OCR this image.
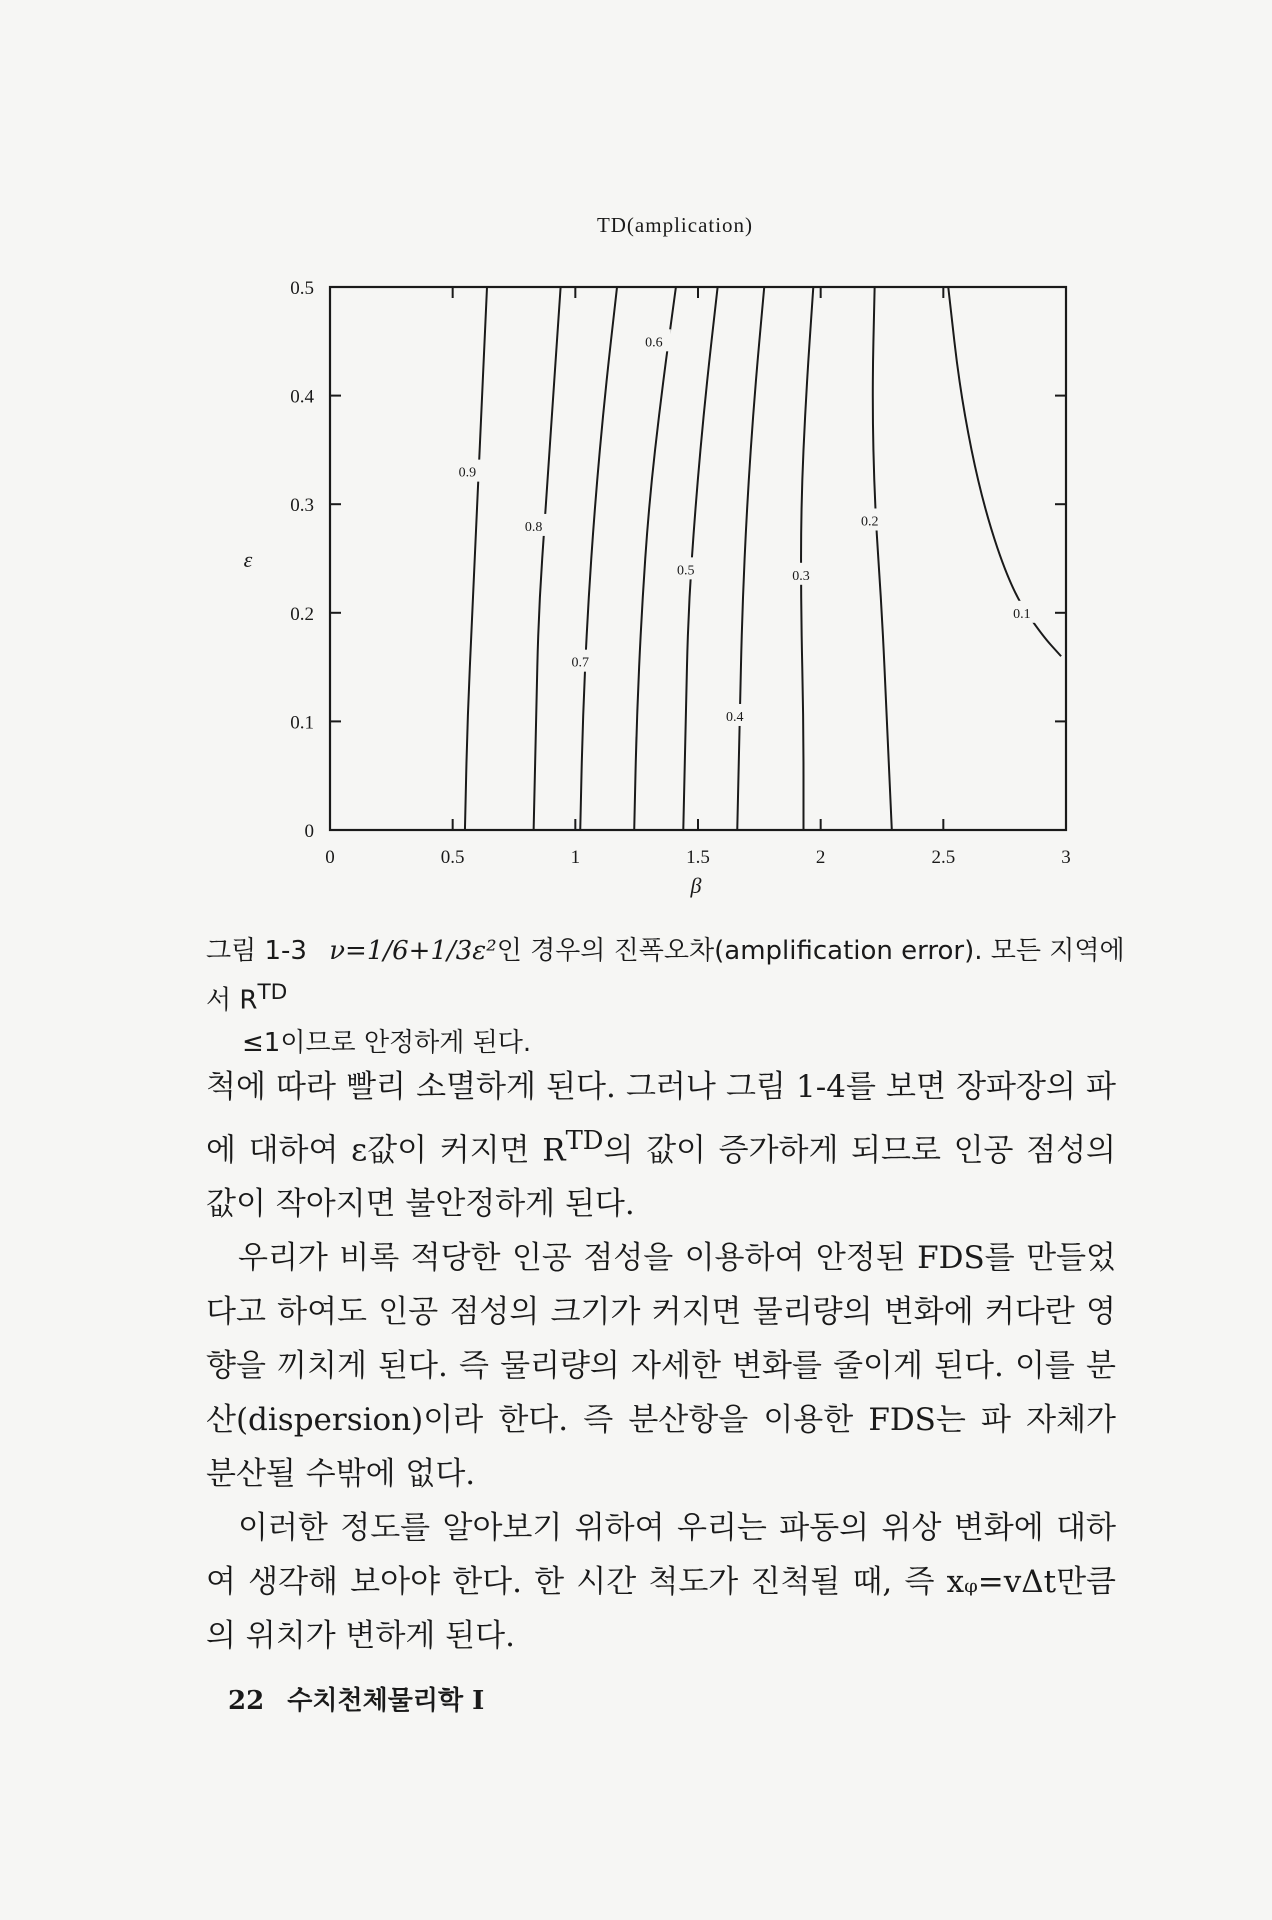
TD(amplication)
ε
β
0	0.5	1	1.5	2	2.5	3
0
0.1
0.2
0.3
0.4
0.5
0.9
0.8
0.7
0.6
0.5
0.4
0.3
0.2
0.1
그림 1-3 ν=1/6+1/3ε²인 경우의 진폭오차(amplification error). 모든 지역에서 $R^{TD}$
≤1이므로 안정하게 된다.

척에 따라 빨리 소멸하게 된다. 그러나 그림 1-4를 보면 장파장의 파에 대하여 ε값이 커지면 $R^{TD}$의 값이 증가하게 되므로 인공 점성의 값이 작아지면 불안정하게 된다.

우리가 비록 적당한 인공 점성을 이용하여 안정된 FDS를 만들었다고 하여도 인공 점성의 크기가 커지면 물리량의 변화에 커다란 영향을 끼치게 된다. 즉 물리량의 자세한 변화를 줄이게 된다. 이를 분산(dispersion)이라 한다. 즉 분산항을 이용한 FDS는 파 자체가 분산될 수밖에 없다.

이러한 정도를 알아보기 위하여 우리는 파동의 위상 변화에 대하여 생각해 보아야 한다. 한 시간 척도가 진척될 때, 즉 xᵩ=vΔt만큼의 위치가 변하게 된다.

22 수치천체물리학 I
